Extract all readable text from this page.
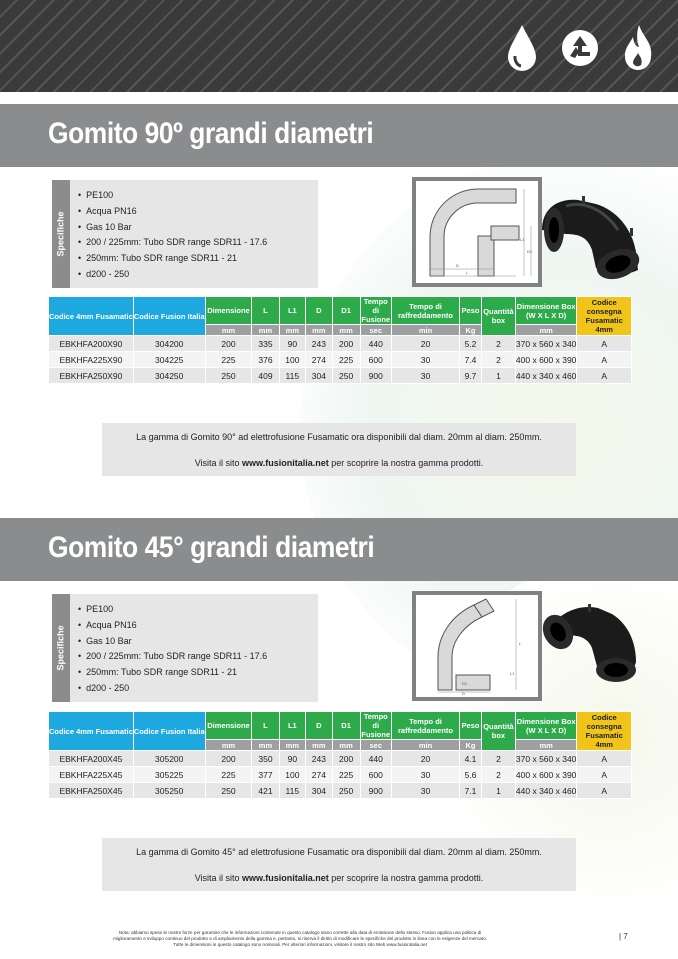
Gomito 90º grandi diametri
Specifiche
• PE100
• Acqua PN16
• Gas 10 Bar
• 200 / 225mm: Tubo SDR range SDR11 - 17.6
• 250mm: Tubo SDR range SDR11 - 21
• d200 - 250
L1
D
D1
L
Codice 4mm Fusamatic	Codice Fusion Italia	Dimensione	L	L1	D	D1	Tempo di Fusione	Tempo di raffreddamento	Peso	Quantità box	Dimensione Box (W X L X D)	Codice consegna Fusamatic 4mm
		mm	mm	mm	mm	mm	sec	min	Kg		mm	
EBKHFA200X90	304200	200	335	90	243	200	440	20	5.2	2	370 x 560 x 340	A
EBKHFA225X90	304225	225	376	100	274	225	600	30	7.4	2	400 x 600 x 390	A
EBKHFA250X90	304250	250	409	115	304	250	900	30	9.7	1	440 x 340 x 460	A

La gamma di Gomito 90° ad elettrofusione Fusamatic ora disponibili dal diam. 20mm al diam. 250mm.

Visita il sito www.fusionitalia.net per scoprire la nostra gamma prodotti.

Gomito 45° grandi diametri
Specifiche
• PE100
• Acqua PN16
• Gas 10 Bar
• 200 / 225mm: Tubo SDR range SDR11 - 17.6
• 250mm: Tubo SDR range SDR11 - 21
• d200 - 250
L1
D1
D
L
Codice 4mm Fusamatic	Codice Fusion Italia	Dimensione	L	L1	D	D1	Tempo di Fusione	Tempo di raffreddamento	Peso	Quantità box	Dimensione Box (W X L X D)	Codice consegna Fusamatic 4mm
		mm	mm	mm	mm	mm	sec	min	Kg		mm	
EBKHFA200X45	305200	200	350	90	243	200	440	20	4.1	2	370 x 560 x 340	A
EBKHFA225X45	305225	225	377	100	274	225	600	30	5.6	2	400 x 600 x 390	A
EBKHFA250X45	305250	250	421	115	304	250	900	30	7.1	1	440 x 340 x 460	A

La gamma di Gomito 45° ad elettrofusione Fusamatic ora disponibili dal diam. 20mm al diam. 250mm.

Visita il sito www.fusionitalia.net per scoprire la nostra gamma prodotti.

Nota: abbiamo speso le nostre forze per garantire che le informazioni contenute in questo catalogo siano corrette alla data di emissione dello stesso. Fusion applica una politica di
miglioramento e sviluppo continuo del prodotto e di ampliamento della gamma e, pertanto, si riserva il diritto di modificare le specifiche del prodotto in linea con le esigenze del mercato.
Tutte le dimensioni in questo catalogo sono nominali. Per ulteriori informazioni, visitare il nostro sito Web www.fusionitalia.net
| 7
